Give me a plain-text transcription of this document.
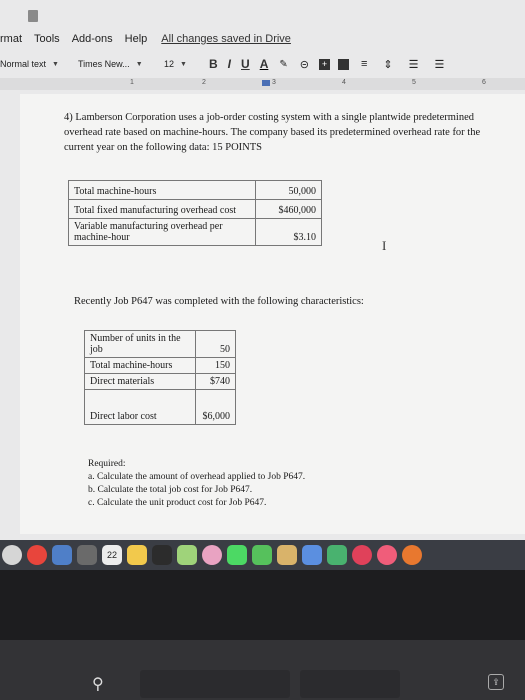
rmat Tools Add-ons Help All changes saved in Drive
Normal text ▼ Times New... ▼ 12 ▼ B I U A ✎ ⊝	+	≡ ⇕ ☰ ☰
1	2	3	4	5	6
4) Lamberson Corporation uses a job-order costing system with a single plantwide predetermined overhead rate based on machine-hours. The company based its predetermined overhead rate for the current year on the following data: 15 POINTS
Total machine-hours	50,000
Total fixed manufacturing overhead cost	$460,000
Variable manufacturing overhead per machine-hour	$3.10
I
Recently Job P647 was completed with the following characteristics:
Number of units in the job	50
Total machine-hours	150
Direct materials	$740
Direct labor cost	$6,000
Required:
a. Calculate the amount of overhead applied to Job P647.
b. Calculate the total job cost for Job P647.
c. Calculate the unit product cost for Job P647.
22
⚲	⇪
